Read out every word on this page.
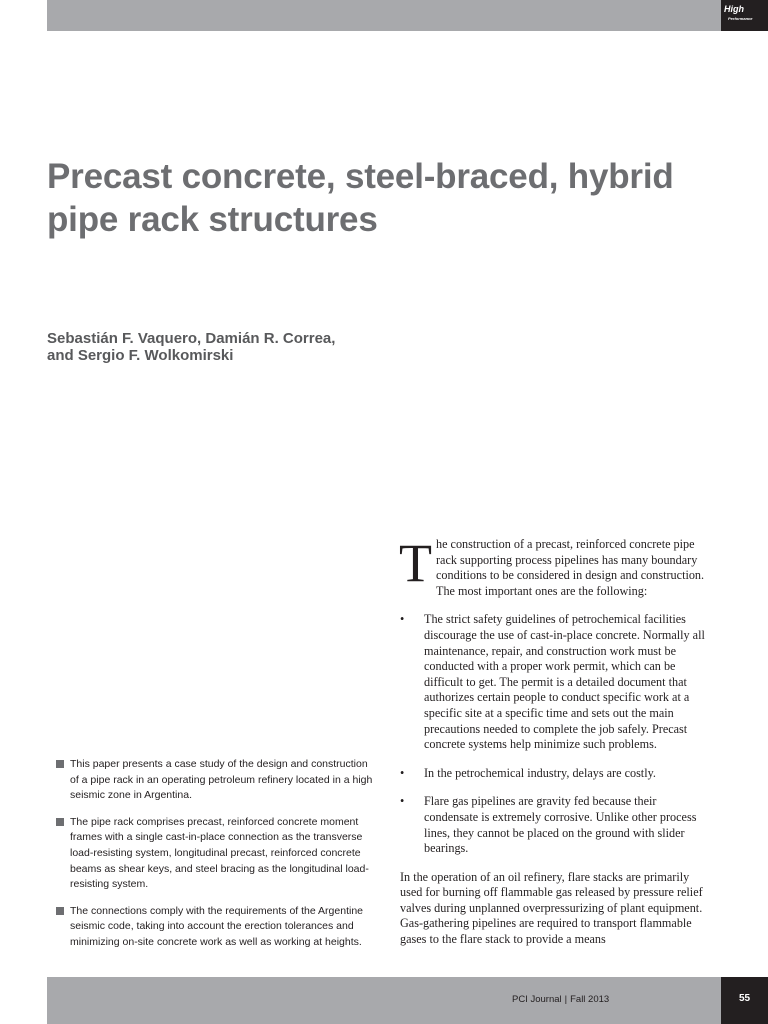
High
Performance
Precast concrete, steel-braced, hybrid pipe rack structures
Sebastián F. Vaquero, Damián R. Correa,
and Sergio F. Wolkomirski
This paper presents a case study of the design and construction of a pipe rack in an operating petroleum refinery located in a high seismic zone in Argentina.
The pipe rack comprises precast, reinforced concrete moment frames with a single cast-in-place connection as the transverse load-resisting system, longitudinal precast, reinforced concrete beams as shear keys, and steel bracing as the longitudinal load-resisting system.
The connections comply with the requirements of the Argentine seismic code, taking into account the erection tolerances and minimizing on-site concrete work as well as working at heights.

The construction of a precast, reinforced concrete pipe rack supporting process pipelines has many boundary conditions to be considered in design and construction. The most important ones are the following:

• The strict safety guidelines of petrochemical facilities discourage the use of cast-in-place concrete. Normally all maintenance, repair, and construction work must be conducted with a proper work permit, which can be difficult to get. The permit is a detailed document that authorizes certain people to conduct specific work at a specific site at a specific time and sets out the main precautions needed to complete the job safely. Precast concrete systems help minimize such problems.
• In the petrochemical industry, delays are costly.
• Flare gas pipelines are gravity fed because their condensate is extremely corrosive. Unlike other process lines, they cannot be placed on the ground with slider bearings.

In the operation of an oil refinery, flare stacks are primarily used for burning off flammable gas released by pressure relief valves during unplanned overpressurizing of plant equipment. Gas-gathering pipelines are required to transport flammable gases to the flare stack to provide a means

PCI Journal | Fall 2013	55
